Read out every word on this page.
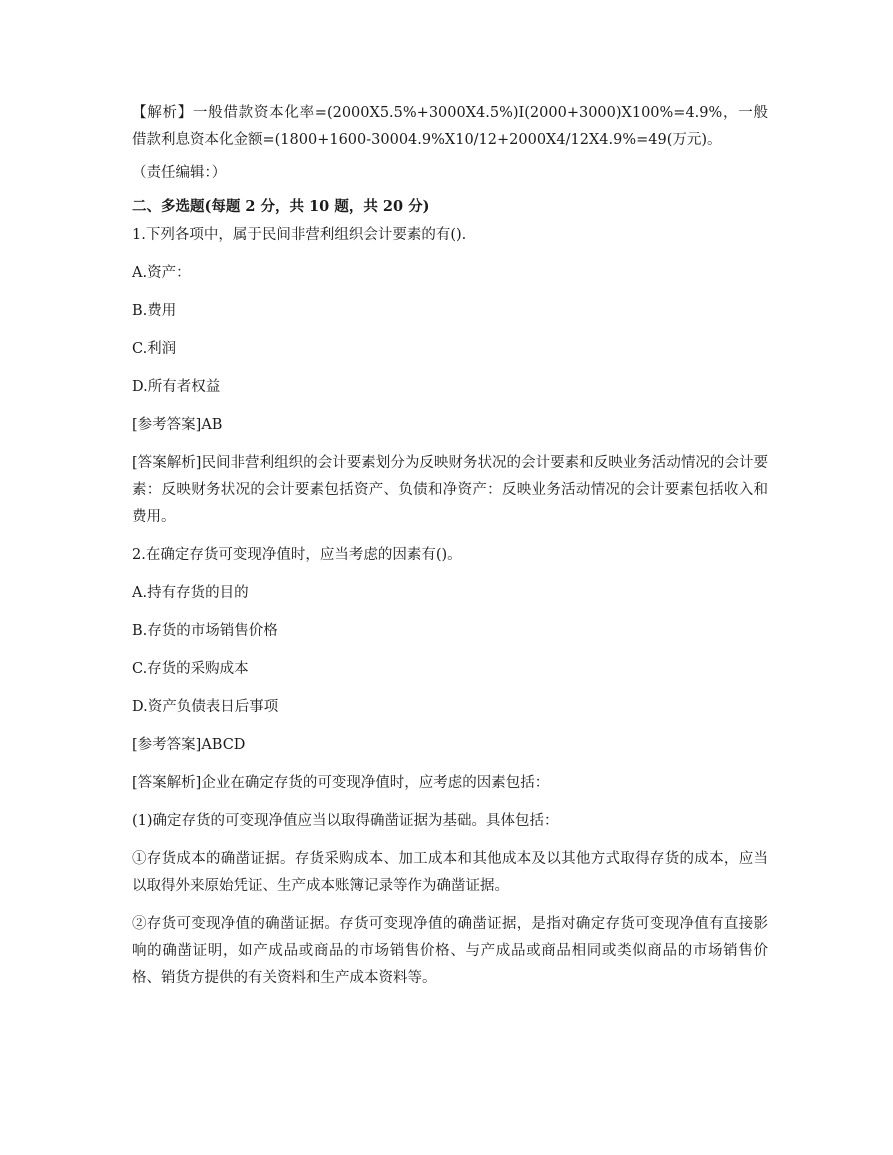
【解析】一般借款资本化率=(2000X5.5%+3000X4.5%)I(2000+3000)X100%=4.9%，一般借款利息资本化金额=(1800+1600-30004.9%X10/12+2000X4/12X4.9%=49(万元)。

（责任编辑：）

二、多选题(每题 2 分，共 10 题，共 20 分)

1.下列各项中，属于民间非营利组织会计要素的有().

A.资产：

B.费用

C.利润

D.所有者权益

[参考答案]AB

[答案解析]民间非营利组织的会计要素划分为反映财务状况的会计要素和反映业务活动情况的会计要素：反映财务状况的会计要素包括资产、负债和净资产：反映业务活动情况的会计要素包括收入和费用。

2.在确定存货可变现净值时，应当考虑的因素有()。

A.持有存货的目的

B.存货的市场销售价格

C.存货的采购成本

D.资产负债表日后事项

[参考答案]ABCD

[答案解析]企业在确定存货的可变现净值时，应考虑的因素包括：

(1)确定存货的可变现净值应当以取得确凿证据为基础。具体包括：

①存货成本的确凿证据。存货采购成本、加工成本和其他成本及以其他方式取得存货的成本，应当以取得外来原始凭证、生产成本账簿记录等作为确凿证据。

②存货可变现净值的确凿证据。存货可变现净值的确凿证据，是指对确定存货可变现净值有直接影响的确凿证明，如产成品或商品的市场销售价格、与产成品或商品相同或类似商品的市场销售价格、销货方提供的有关资料和生产成本资料等。
